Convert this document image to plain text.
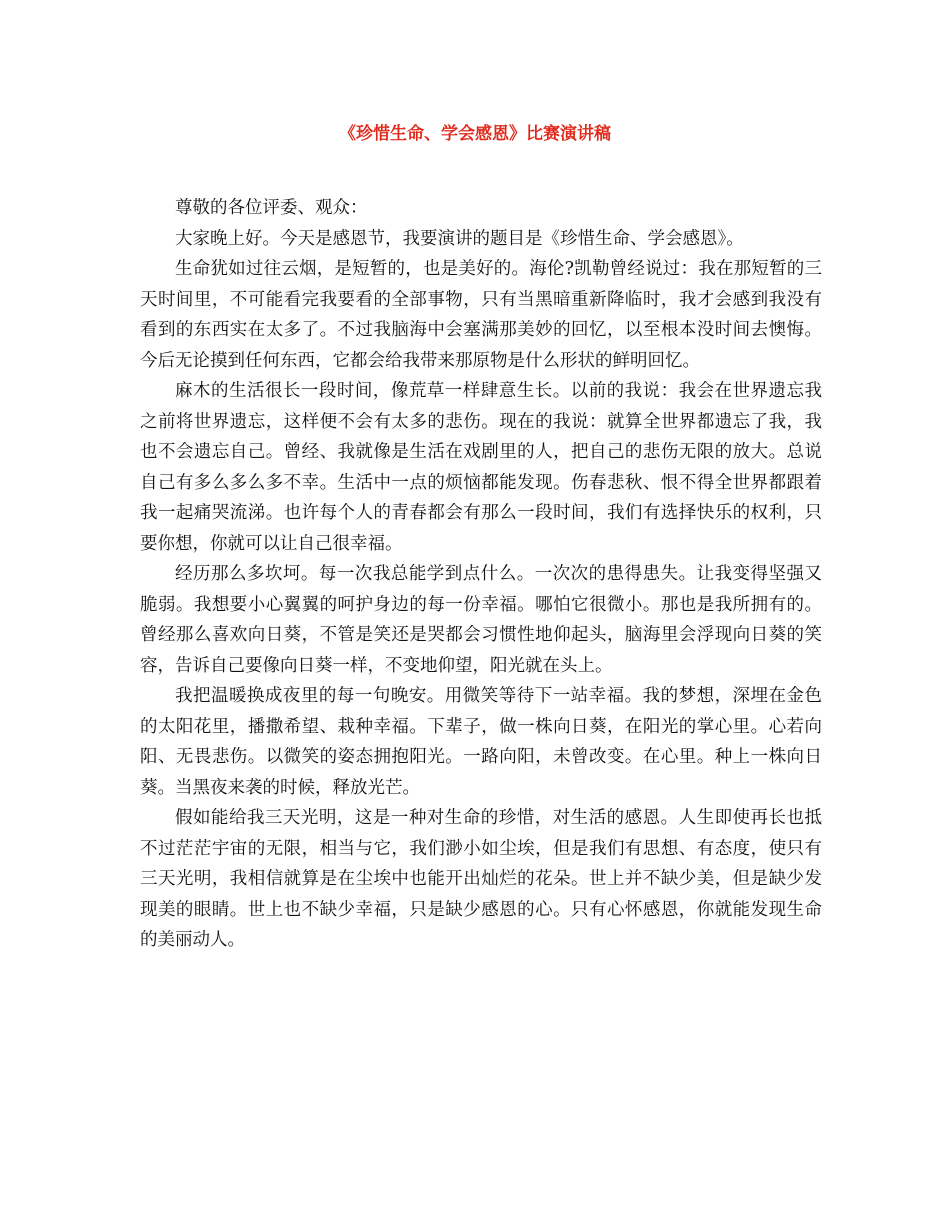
《珍惜生命、学会感恩》比赛演讲稿

尊敬的各位评委、观众：

大家晚上好。今天是感恩节，我要演讲的题目是《珍惜生命、学会感恩》。

生命犹如过往云烟，是短暂的，也是美好的。海伦?凯勒曾经说过：我在那短暂的三天时间里，不可能看完我要看的全部事物，只有当黑暗重新降临时，我才会感到我没有看到的东西实在太多了。不过我脑海中会塞满那美妙的回忆，以至根本没时间去懊悔。今后无论摸到任何东西，它都会给我带来那原物是什么形状的鲜明回忆。

麻木的生活很长一段时间，像荒草一样肆意生长。以前的我说：我会在世界遗忘我之前将世界遗忘，这样便不会有太多的悲伤。现在的我说：就算全世界都遗忘了我，我也不会遗忘自己。曾经、我就像是生活在戏剧里的人，把自己的悲伤无限的放大。总说自己有多么多么多不幸。生活中一点的烦恼都能发现。伤春悲秋、恨不得全世界都跟着我一起痛哭流涕。也许每个人的青春都会有那么一段时间，我们有选择快乐的权利，只要你想，你就可以让自己很幸福。

经历那么多坎坷。每一次我总能学到点什么。一次次的患得患失。让我变得坚强又脆弱。我想要小心翼翼的呵护身边的每一份幸福。哪怕它很微小。那也是我所拥有的。曾经那么喜欢向日葵，不管是笑还是哭都会习惯性地仰起头，脑海里会浮现向日葵的笑容，告诉自己要像向日葵一样，不变地仰望，阳光就在头上。

我把温暖换成夜里的每一句晚安。用微笑等待下一站幸福。我的梦想，深埋在金色的太阳花里，播撒希望、栽种幸福。下辈子，做一株向日葵，在阳光的掌心里。心若向阳、无畏悲伤。以微笑的姿态拥抱阳光。一路向阳，未曾改变。在心里。种上一株向日葵。当黑夜来袭的时候，释放光芒。

假如能给我三天光明，这是一种对生命的珍惜，对生活的感恩。人生即使再长也抵不过茫茫宇宙的无限，相当与它，我们渺小如尘埃，但是我们有思想、有态度，使只有三天光明，我相信就算是在尘埃中也能开出灿烂的花朵。世上并不缺少美，但是缺少发现美的眼睛。世上也不缺少幸福，只是缺少感恩的心。只有心怀感恩，你就能发现生命的美丽动人。
